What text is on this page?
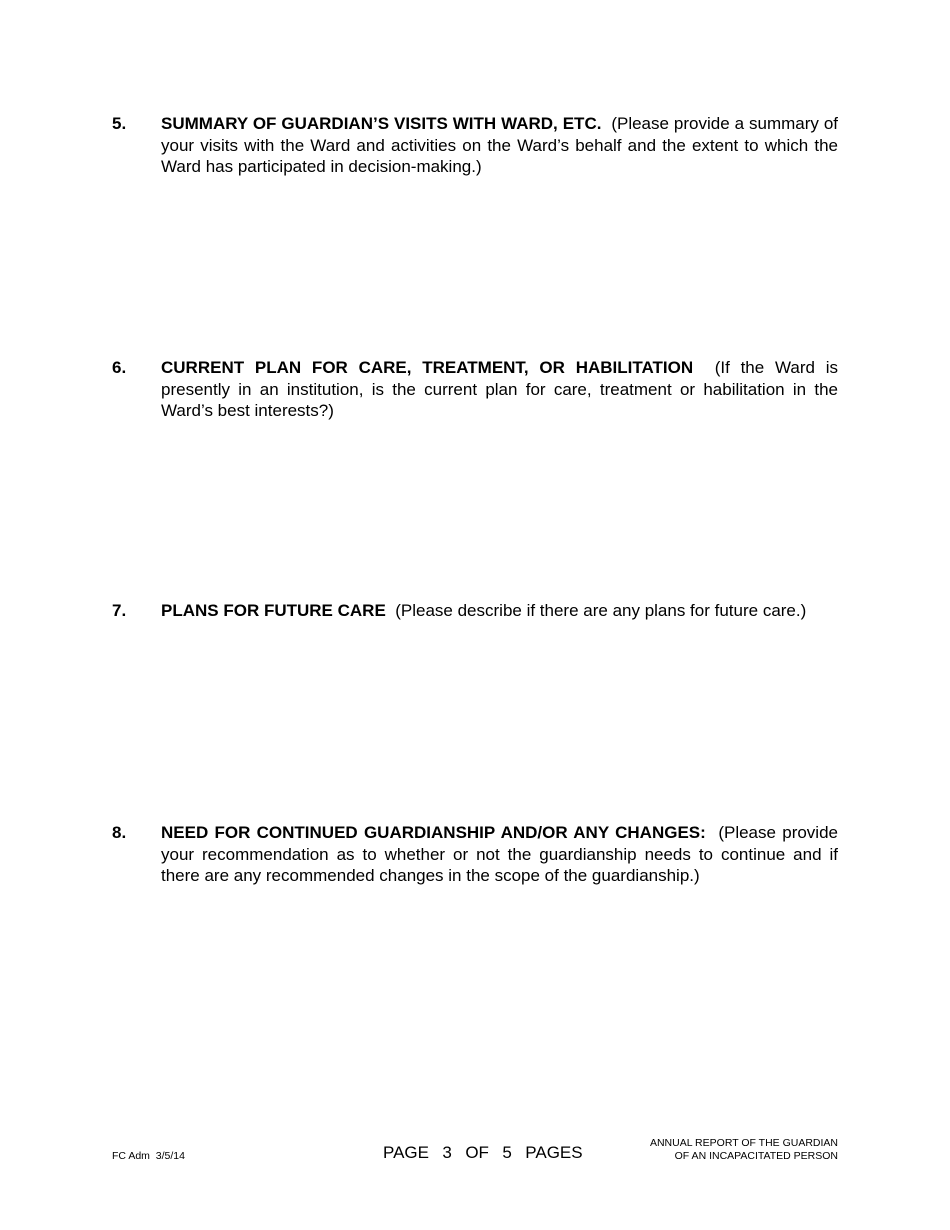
5. SUMMARY OF GUARDIAN’S VISITS WITH WARD, ETC. (Please provide a summary of your visits with the Ward and activities on the Ward’s behalf and the extent to which the Ward has participated in decision-making.)
6. CURRENT PLAN FOR CARE, TREATMENT, OR HABILITATION (If the Ward is presently in an institution, is the current plan for care, treatment or habilitation in the Ward’s best interests?)
7. PLANS FOR FUTURE CARE (Please describe if there are any plans for future care.)
8. NEED FOR CONTINUED GUARDIANSHIP AND/OR ANY CHANGES: (Please provide your recommendation as to whether or not the guardianship needs to continue and if there are any recommended changes in the scope of the guardianship.)
FC Adm  3/5/14	PAGE  3  OF  5  PAGES	ANNUAL REPORT OF THE GUARDIAN
OF AN INCAPACITATED PERSON
